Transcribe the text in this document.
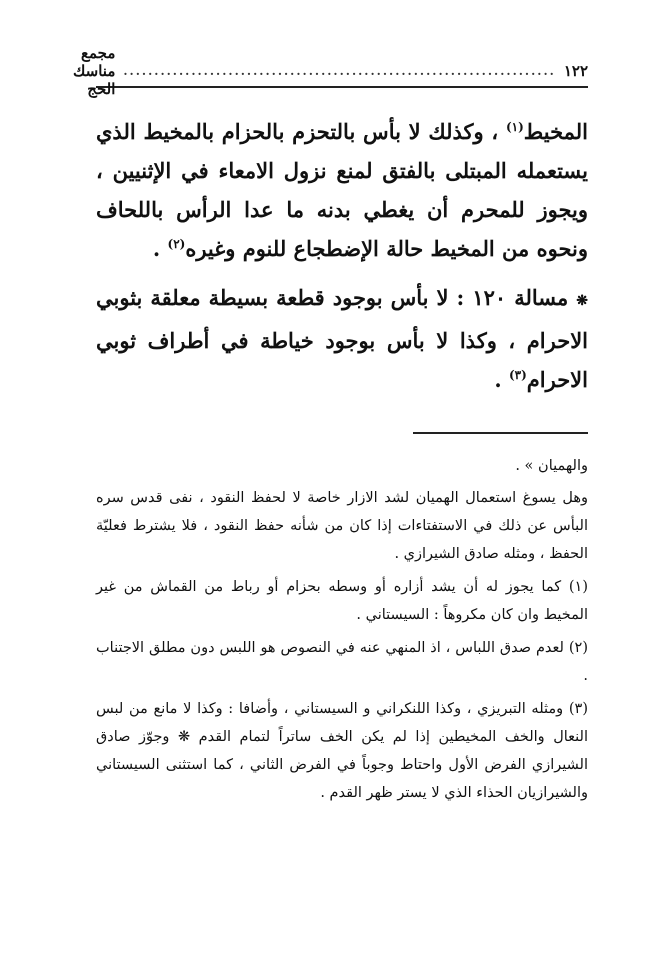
١٢٢
......................................................................
مجمع مناسك الحج

المخيط$^{(١)}$ ، وكذلك لا بأس بالتحزم بالحزام بالمخيط الذي يستعمله المبتلى بالفتق لمنع نزول الامعاء في الإثنيين ، ويجوز للمحرم أن يغطي بدنه ما عدا الرأس باللحاف ونحوه من المخيط حالة الإضطجاع للنوم وغيره$^{(٢)}$ .

❋ مسالة ١٢٠ : لا بأس بوجود قطعة بسيطة معلقة بثوبي الاحرام ، وكذا لا بأس بوجود خياطة في أطراف ثوبي الاحرام$^{(٣)}$ .

والهميان » .

وهل يسوغ استعمال الهميان لشد الازار خاصة لا لحفظ النقود ، نفى قدس سره البأس عن ذلك في الاستفتاءات إذا كان من شأنه حفظ النقود ، فلا يشترط فعليّة الحفظ ، ومثله صادق الشيرازي .

(١) كما يجوز له أن يشد أزاره أو وسطه بحزام أو رباط من القماش من غير المخيط وان كان مكروهاً : السيستاني .

(٢) لعدم صدق اللباس ، اذ المنهي عنه في النصوص هو اللبس دون مطلق الاجتناب .

(٣) ومثله التبريزي ، وكذا اللنكراني و السيستاني ، وأضافا : وكذا لا مانع من لبس النعال والخف المخيطين إذا لم يكن الخف ساتراً لتمام القدم ❋ وجوّز صادق الشيرازي الفرض الأول واحتاط وجوباً في الفرض الثاني ، كما استثنى السيستاني والشيرازيان الحذاء الذي لا يستر ظهر القدم .
